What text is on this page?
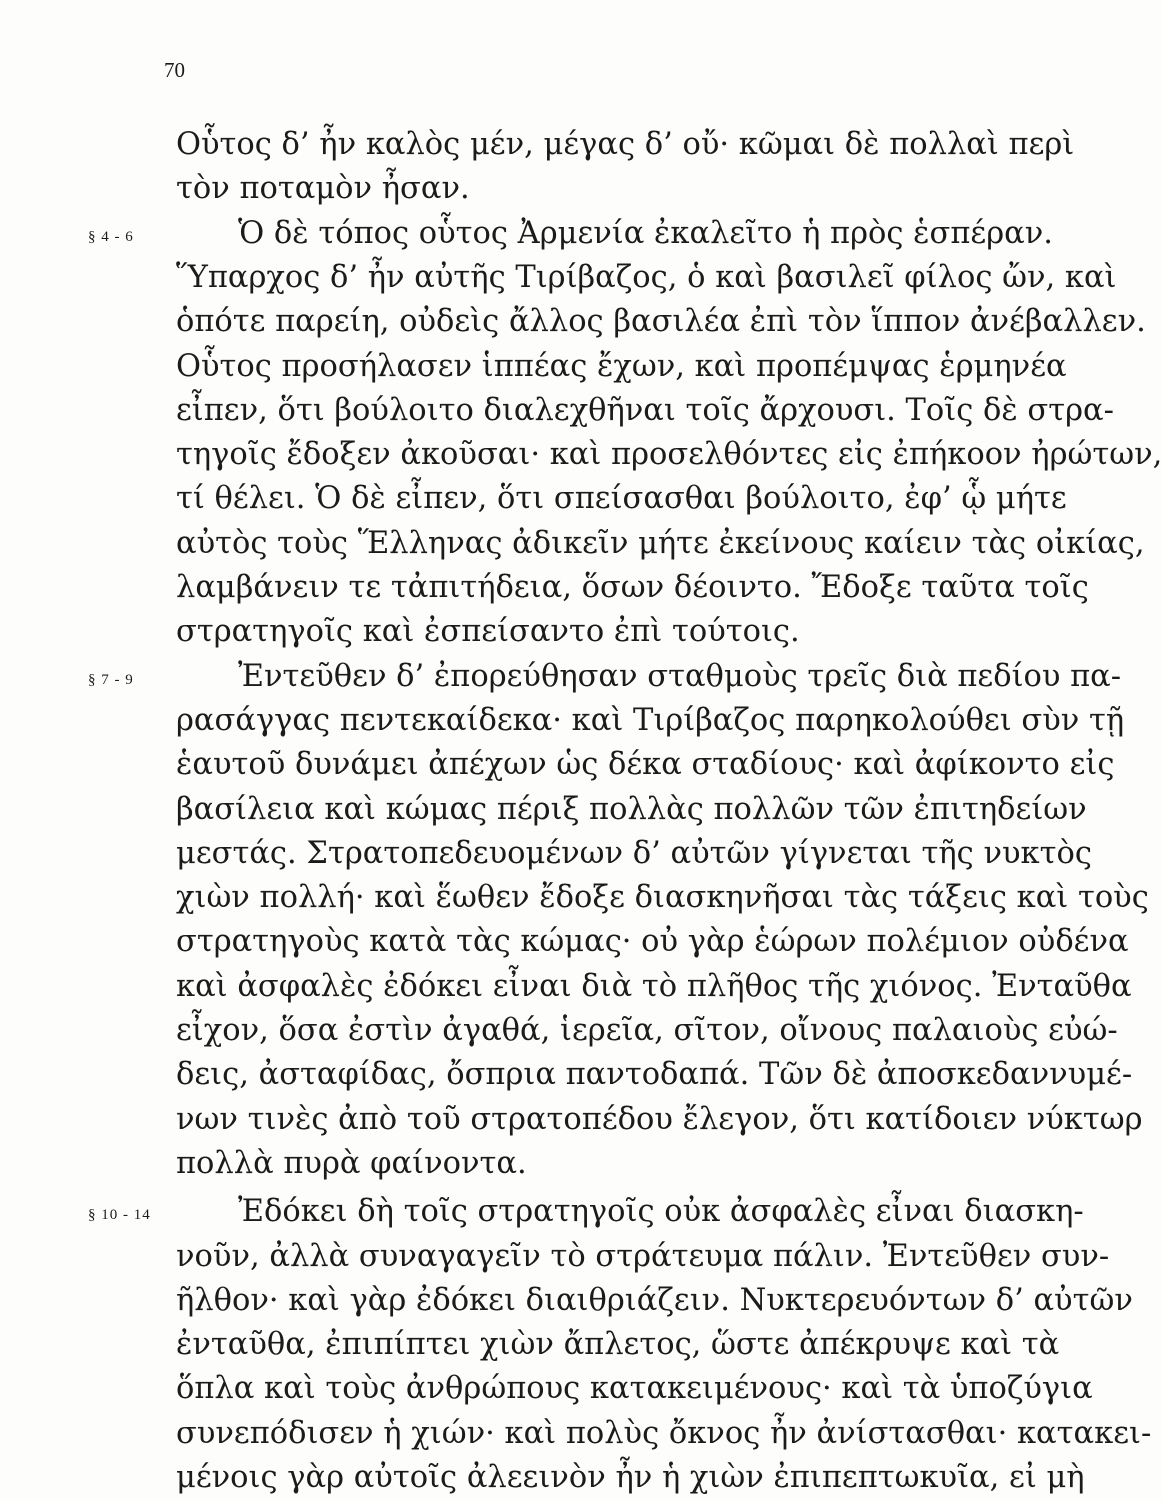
70
§ 4 - 6
§ 7 - 9
§ 10 - 14
Οὗτος δ’ ἦν καλὸς μέν, μέγας δ’ οὔ· κῶμαι δὲ πολλαὶ περὶ
τὸν ποταμὸν ἦσαν.
Ὁ δὲ τόπος οὗτος Ἀρμενία ἐκαλεῖτο ἡ πρὸς ἑσπέραν.
Ὕπαρχος δ’ ἦν αὐτῆς Τιρίβαζος, ὁ καὶ βασιλεῖ φίλος ὤν, καὶ
ὁπότε παρείη, οὐδεὶς ἄλλος βασιλέα ἐπὶ τὸν ἵππον ἀνέβαλλεν.
Οὗτος προσήλασεν ἱππέας ἔχων, καὶ προπέμψας ἑρμηνέα
εἶπεν, ὅτι βούλοιτο διαλεχθῆναι τοῖς ἄρχουσι. Τοῖς δὲ στρα-
τηγοῖς ἔδοξεν ἀκοῦσαι· καὶ προσελθόντες εἰς ἐπήκοον ἠρώτων,
τί θέλει. Ὁ δὲ εἶπεν, ὅτι σπείσασθαι βούλοιτο, ἐφ’ ᾧ μήτε
αὐτὸς τοὺς Ἕλληνας ἀδικεῖν μήτε ἐκείνους καίειν τὰς οἰκίας,
λαμβάνειν τε τἀπιτήδεια, ὅσων δέοιντο. Ἔδοξε ταῦτα τοῖς
στρατηγοῖς καὶ ἐσπείσαντο ἐπὶ τούτοις.
Ἐντεῦθεν δ’ ἐπορεύθησαν σταθμοὺς τρεῖς διὰ πεδίου πα-
ρασάγγας πεντεκαίδεκα· καὶ Τιρίβαζος παρηκολούθει σὺν τῇ
ἑαυτοῦ δυνάμει ἀπέχων ὡς δέκα σταδίους· καὶ ἀφίκοντο εἰς
βασίλεια καὶ κώμας πέριξ πολλὰς πολλῶν τῶν ἐπιτηδείων
μεστάς. Στρατοπεδευομένων δ’ αὐτῶν γίγνεται τῆς νυκτὸς
χιὼν πολλή· καὶ ἕωθεν ἔδοξε διασκηνῆσαι τὰς τάξεις καὶ τοὺς
στρατηγοὺς κατὰ τὰς κώμας· οὐ γὰρ ἑώρων πολέμιον οὐδένα
καὶ ἀσφαλὲς ἐδόκει εἶναι διὰ τὸ πλῆθος τῆς χιόνος. Ἐνταῦθα
εἶχον, ὅσα ἐστὶν ἀγαθά, ἱερεῖα, σῖτον, οἴνους παλαιοὺς εὐώ-
δεις, ἀσταφίδας, ὄσπρια παντοδαπά. Τῶν δὲ ἀποσκεδαννυμέ-
νων τινὲς ἀπὸ τοῦ στρατοπέδου ἔλεγον, ὅτι κατίδοιεν νύκτωρ
πολλὰ πυρὰ φαίνοντα.
Ἐδόκει δὴ τοῖς στρατηγοῖς οὐκ ἀσφαλὲς εἶναι διασκη-
νοῦν, ἀλλὰ συναγαγεῖν τὸ στράτευμα πάλιν. Ἐντεῦθεν συν-
ῆλθον· καὶ γὰρ ἐδόκει διαιθριάζειν. Νυκτερευόντων δ’ αὐτῶν
ἐνταῦθα, ἐπιπίπτει χιὼν ἄπλετος, ὥστε ἀπέκρυψε καὶ τὰ
ὅπλα καὶ τοὺς ἀνθρώπους κατακειμένους· καὶ τὰ ὑποζύγια
συνεπόδισεν ἡ χιών· καὶ πολὺς ὄκνος ἦν ἀνίστασθαι· κατακει-
μένοις γὰρ αὐτοῖς ἀλεεινὸν ἦν ἡ χιὼν ἐπιπεπτωκυῖα, εἰ μὴ
